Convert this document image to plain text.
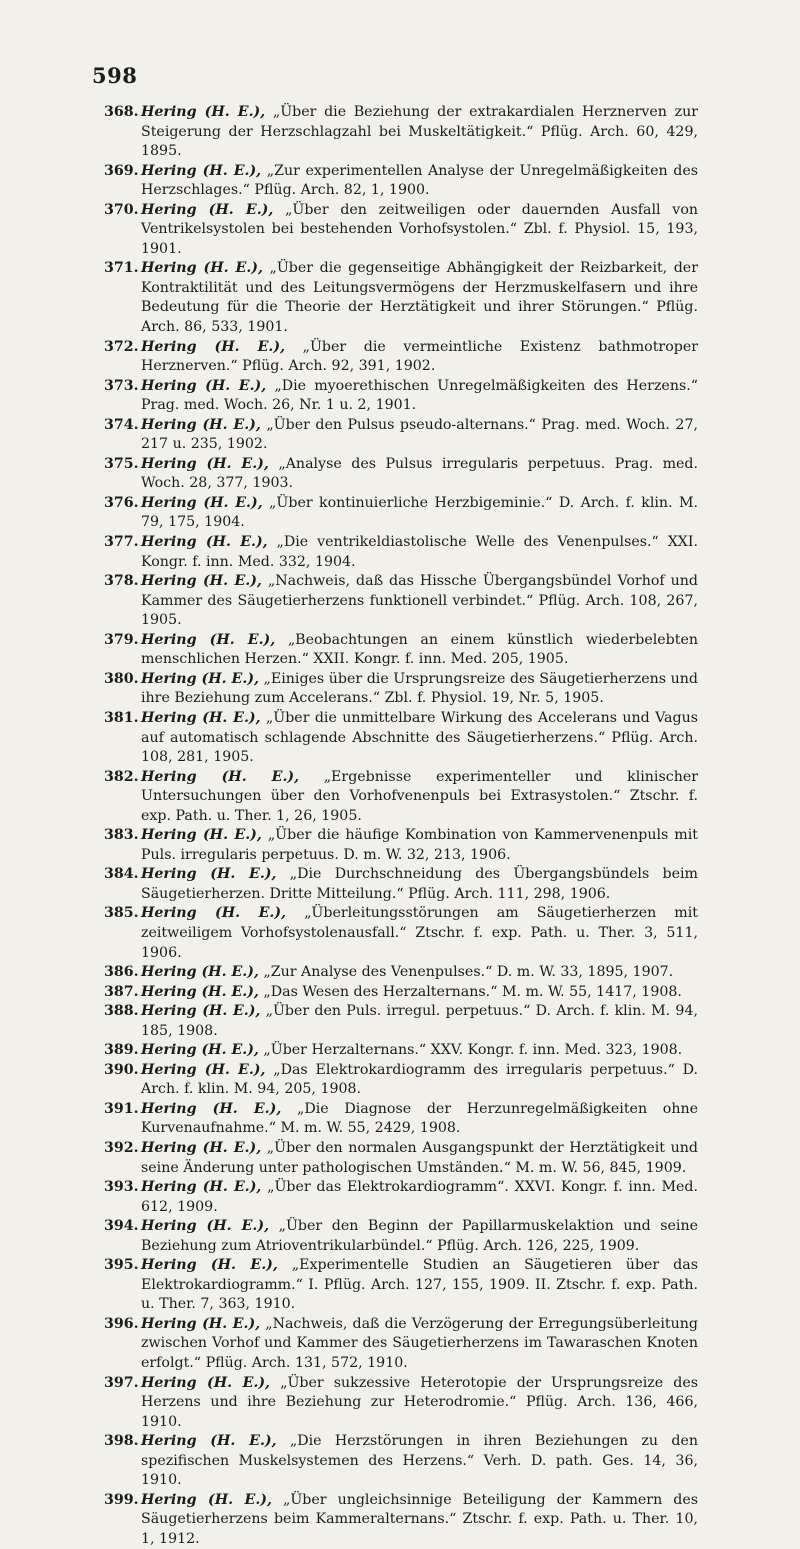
598
368. Hering (H. E.), „Über die Beziehung der extrakardialen Herznerven zur Steigerung der Herzschlagzahl bei Muskeltätigkeit.“ Pflüg. Arch. 60, 429, 1895.
369. Hering (H. E.), „Zur experimentellen Analyse der Unregelmäßigkeiten des Herzschlages.“ Pflüg. Arch. 82, 1, 1900.
370. Hering (H. E.), „Über den zeitweiligen oder dauernden Ausfall von Ventrikelsystolen bei bestehenden Vorhofsystolen.“ Zbl. f. Physiol. 15, 193, 1901.
371. Hering (H. E.), „Über die gegenseitige Abhängigkeit der Reizbarkeit, der Kontraktilität und des Leitungsvermögens der Herzmuskelfasern und ihre Bedeutung für die Theorie der Herztätigkeit und ihrer Störungen.“ Pflüg. Arch. 86, 533, 1901.
372. Hering (H. E.), „Über die vermeintliche Existenz bathmotroper Herznerven.“ Pflüg. Arch. 92, 391, 1902.
373. Hering (H. E.), „Die myoerethischen Unregelmäßigkeiten des Herzens.“ Prag. med. Woch. 26, Nr. 1 u. 2, 1901.
374. Hering (H. E.), „Über den Pulsus pseudo-alternans.“ Prag. med. Woch. 27, 217 u. 235, 1902.
375. Hering (H. E.), „Analyse des Pulsus irregularis perpetuus. Prag. med. Woch. 28, 377, 1903.
376. Hering (H. E.), „Über kontinuierliche Herzbigeminie.“ D. Arch. f. klin. M. 79, 175, 1904.
377. Hering (H. E.), „Die ventrikeldiastolische Welle des Venenpulses.“ XXI. Kongr. f. inn. Med. 332, 1904.
378. Hering (H. E.), „Nachweis, daß das Hissche Übergangsbündel Vorhof und Kammer des Säugetierherzens funktionell verbindet.“ Pflüg. Arch. 108, 267, 1905.
379. Hering (H. E.), „Beobachtungen an einem künstlich wiederbelebten menschlichen Herzen.“ XXII. Kongr. f. inn. Med. 205, 1905.
380. Hering (H. E.), „Einiges über die Ursprungsreize des Säugetierherzens und ihre Beziehung zum Accelerans.“ Zbl. f. Physiol. 19, Nr. 5, 1905.
381. Hering (H. E.), „Über die unmittelbare Wirkung des Accelerans und Vagus auf automatisch schlagende Abschnitte des Säugetierherzens.“ Pflüg. Arch. 108, 281, 1905.
382. Hering (H. E.), „Ergebnisse experimenteller und klinischer Untersuchungen über den Vorhofvenenpuls bei Extrasystolen.“ Ztschr. f. exp. Path. u. Ther. 1, 26, 1905.
383. Hering (H. E.), „Über die häufige Kombination von Kammervenenpuls mit Puls. irregularis perpetuus. D. m. W. 32, 213, 1906.
384. Hering (H. E.), „Die Durchschneidung des Übergangsbündels beim Säugetierherzen. Dritte Mitteilung.“ Pflüg. Arch. 111, 298, 1906.
385. Hering (H. E.), „Überleitungsstörungen am Säugetierherzen mit zeitweiligem Vorhofsystolenausfall.“ Ztschr. f. exp. Path. u. Ther. 3, 511, 1906.
386. Hering (H. E.), „Zur Analyse des Venenpulses.“ D. m. W. 33, 1895, 1907.
387. Hering (H. E.), „Das Wesen des Herzalternans.“ M. m. W. 55, 1417, 1908.
388. Hering (H. E.), „Über den Puls. irregul. perpetuus.“ D. Arch. f. klin. M. 94, 185, 1908.
389. Hering (H. E.), „Über Herzalternans.“ XXV. Kongr. f. inn. Med. 323, 1908.
390. Hering (H. E.), „Das Elektrokardiogramm des irregularis perpetuus.“ D. Arch. f. klin. M. 94, 205, 1908.
391. Hering (H. E.), „Die Diagnose der Herzunregelmäßigkeiten ohne Kurvenaufnahme.“ M. m. W. 55, 2429, 1908.
392. Hering (H. E.), „Über den normalen Ausgangspunkt der Herztätigkeit und seine Änderung unter pathologischen Umständen.“ M. m. W. 56, 845, 1909.
393. Hering (H. E.), „Über das Elektrokardiogramm“. XXVI. Kongr. f. inn. Med. 612, 1909.
394. Hering (H. E.), „Über den Beginn der Papillarmuskelaktion und seine Beziehung zum Atrioventrikularbündel.“ Pflüg. Arch. 126, 225, 1909.
395. Hering (H. E.), „Experimentelle Studien an Säugetieren über das Elektrokardiogramm.“ I. Pflüg. Arch. 127, 155, 1909. II. Ztschr. f. exp. Path. u. Ther. 7, 363, 1910.
396. Hering (H. E.), „Nachweis, daß die Verzögerung der Erregungsüberleitung zwischen Vorhof und Kammer des Säugetierherzens im Tawaraschen Knoten erfolgt.“ Pflüg. Arch. 131, 572, 1910.
397. Hering (H. E.), „Über sukzessive Heterotopie der Ursprungsreize des Herzens und ihre Beziehung zur Heterodromie.“ Pflüg. Arch. 136, 466, 1910.
398. Hering (H. E.), „Die Herzstörungen in ihren Beziehungen zu den spezifischen Muskelsystemen des Herzens.“ Verh. D. path. Ges. 14, 36, 1910.
399. Hering (H. E.), „Über ungleichsinnige Beteiligung der Kammern des Säugetierherzens beim Kammeralternans.“ Ztschr. f. exp. Path. u. Ther. 10, 1, 1912.
